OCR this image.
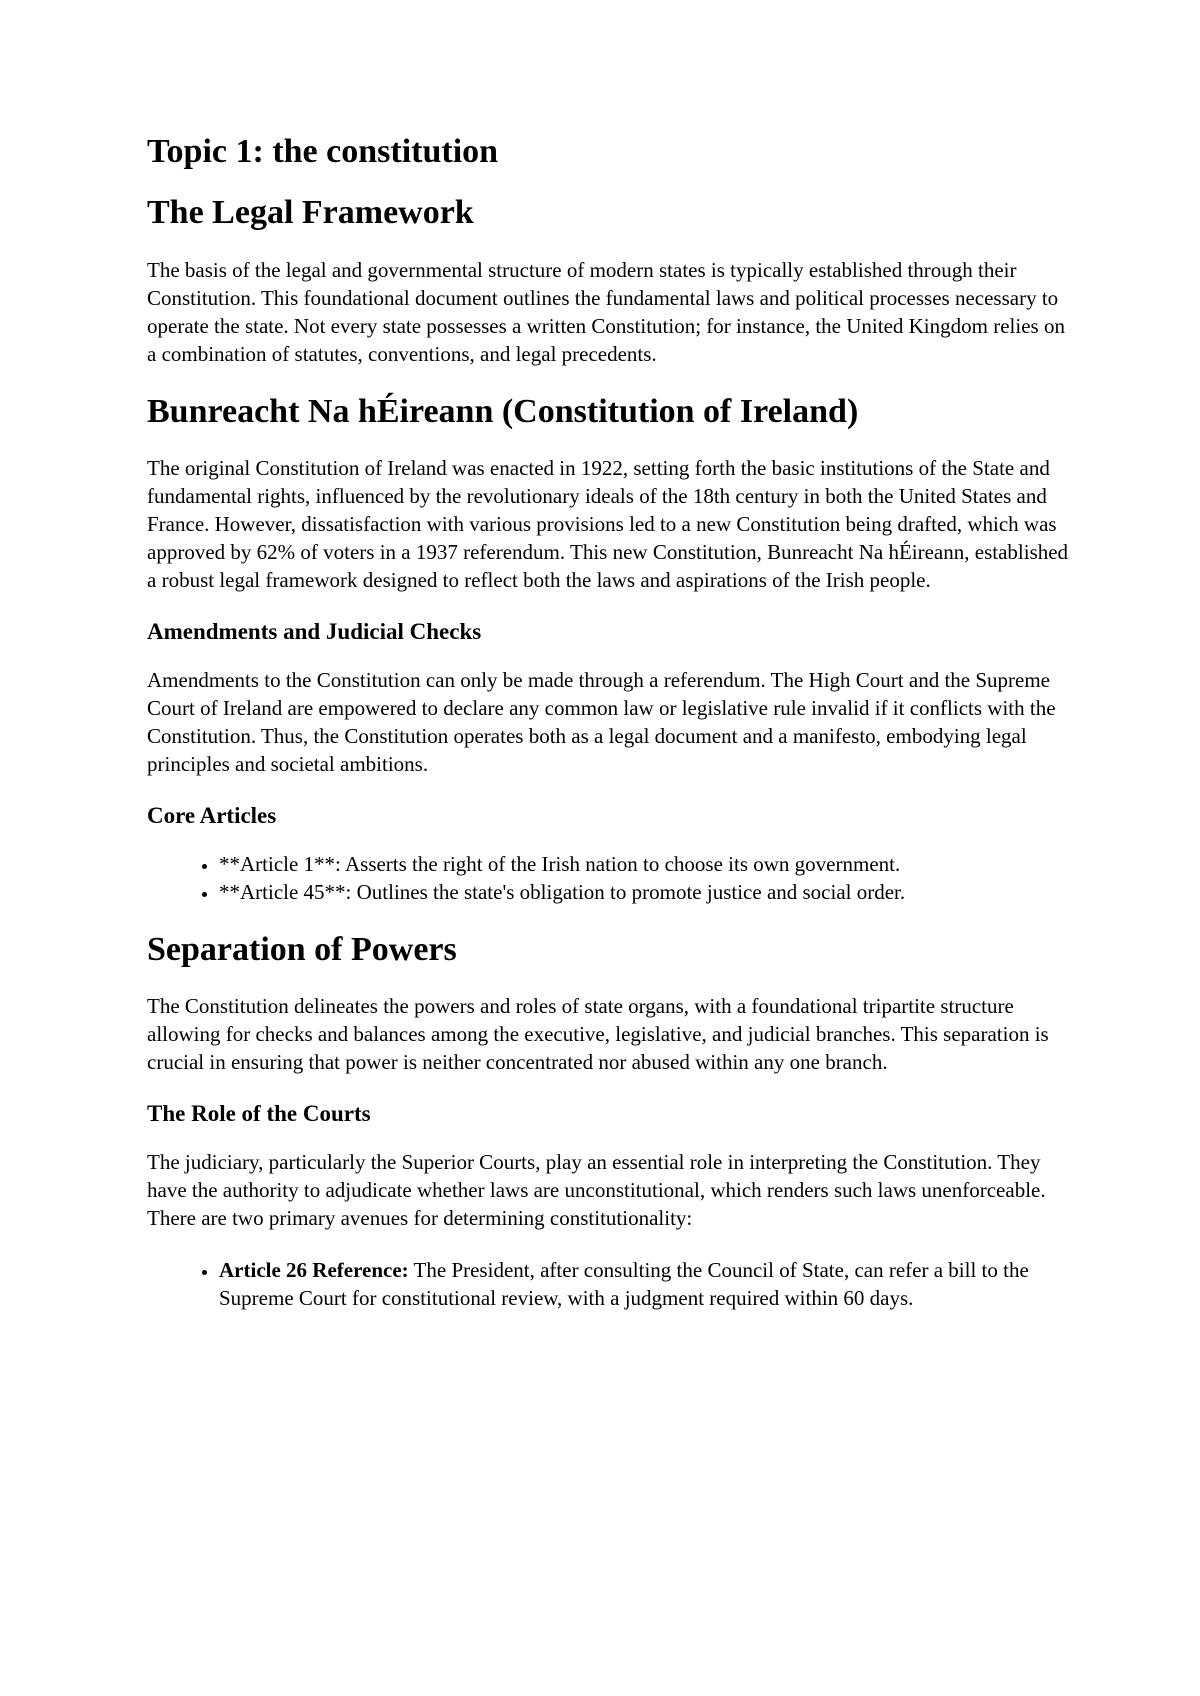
Topic 1: the constitution
The Legal Framework

The basis of the legal and governmental structure of modern states is typically established through their Constitution. This foundational document outlines the fundamental laws and political processes necessary to operate the state. Not every state possesses a written Constitution; for instance, the United Kingdom relies on a combination of statutes, conventions, and legal precedents.

Bunreacht Na hÉireann (Constitution of Ireland)

The original Constitution of Ireland was enacted in 1922, setting forth the basic institutions of the State and fundamental rights, influenced by the revolutionary ideals of the 18th century in both the United States and France. However, dissatisfaction with various provisions led to a new Constitution being drafted, which was approved by 62% of voters in a 1937 referendum. This new Constitution, Bunreacht Na hÉireann, established a robust legal framework designed to reflect both the laws and aspirations of the Irish people.

Amendments and Judicial Checks

Amendments to the Constitution can only be made through a referendum. The High Court and the Supreme Court of Ireland are empowered to declare any common law or legislative rule invalid if it conflicts with the Constitution. Thus, the Constitution operates both as a legal document and a manifesto, embodying legal principles and societal ambitions.

Core Articles
• **Article 1**: Asserts the right of the Irish nation to choose its own government.
• **Article 45**: Outlines the state's obligation to promote justice and social order.
Separation of Powers

The Constitution delineates the powers and roles of state organs, with a foundational tripartite structure allowing for checks and balances among the executive, legislative, and judicial branches. This separation is crucial in ensuring that power is neither concentrated nor abused within any one branch.

The Role of the Courts

The judiciary, particularly the Superior Courts, play an essential role in interpreting the Constitution. They have the authority to adjudicate whether laws are unconstitutional, which renders such laws unenforceable. There are two primary avenues for determining constitutionality:

• Article 26 Reference: The President, after consulting the Council of State, can refer a bill to the Supreme Court for constitutional review, with a judgment required within 60 days.
